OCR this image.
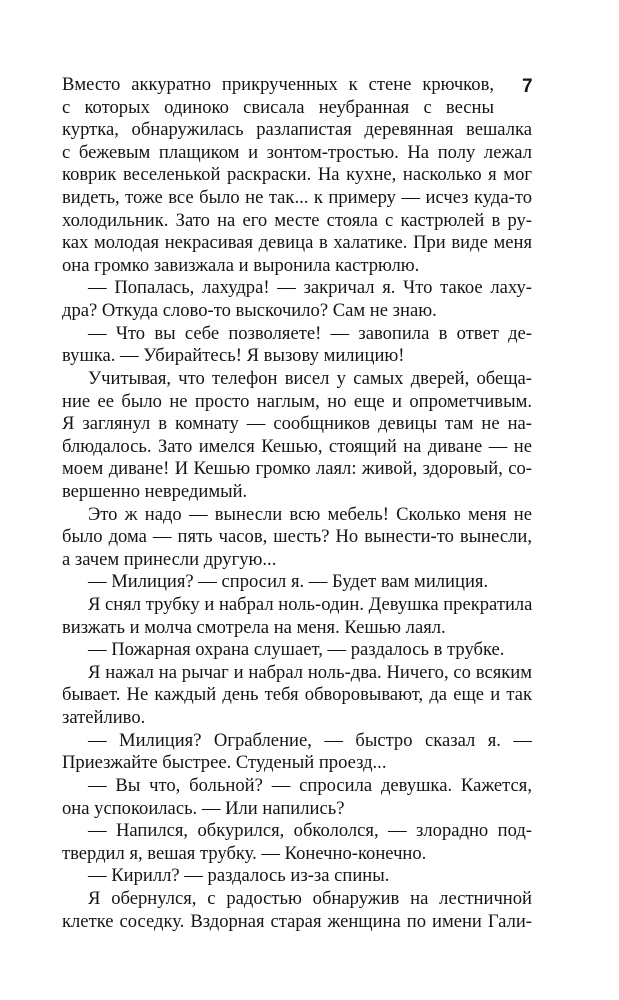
7
Вместо аккуратно прикрученных к стене крючков,
с которых одиноко свисала неубранная с весны
куртка, обнаружилась разлапистая деревянная вешалка
с бежевым плащиком и зонтом-тростью. На полу лежал
коврик веселенькой раскраски. На кухне, насколько я мог
видеть, тоже все было не так... к примеру — исчез куда-то
холодильник. Зато на его месте стояла с кастрюлей в ру-
ках молодая некрасивая девица в халатике. При виде меня
она громко завизжала и выронила кастрюлю.
— Попалась, лахудра! — закричал я. Что такое лаху-
дра? Откуда слово-то выскочило? Сам не знаю.
— Что вы себе позволяете! — завопила в ответ де-
вушка. — Убирайтесь! Я вызову милицию!
Учитывая, что телефон висел у самых дверей, обеща-
ние ее было не просто наглым, но еще и опрометчивым.
Я заглянул в комнату — сообщников девицы там не на-
блюдалось. Зато имелся Кешью, стоящий на диване — не
моем диване! И Кешью громко лаял: живой, здоровый, со-
вершенно невредимый.
Это ж надо — вынесли всю мебель! Сколько меня не
было дома — пять часов, шесть? Но вынести-то вынесли,
а зачем принесли другую...
— Милиция? — спросил я. — Будет вам милиция.
Я снял трубку и набрал ноль-один. Девушка прекратила
визжать и молча смотрела на меня. Кешью лаял.
— Пожарная охрана слушает, — раздалось в трубке.
Я нажал на рычаг и набрал ноль-два. Ничего, со всяким
бывает. Не каждый день тебя обворовывают, да еще и так
затейливо.
— Милиция? Ограбление, — быстро сказал я. —
Приезжайте быстрее. Студеный проезд...
— Вы что, больной? — спросила девушка. Кажется,
она успокоилась. — Или напились?
— Напился, обкурился, обкололся, — злорадно под-
твердил я, вешая трубку. — Конечно-конечно.
— Кирилл? — раздалось из-за спины.
Я обернулся, с радостью обнаружив на лестничной
клетке соседку. Вздорная старая женщина по имени Гали-
